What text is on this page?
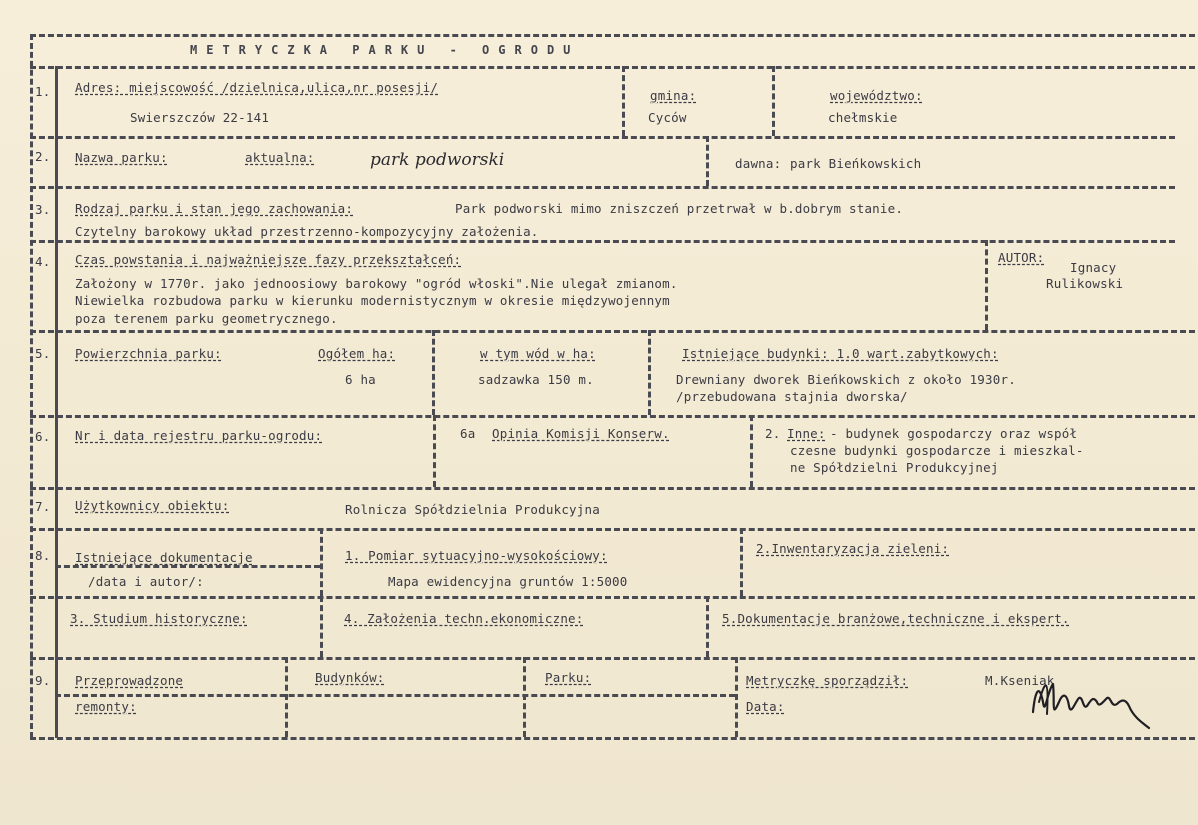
METRYCZKA PARKU - OGRODU
1. Adres: miejscowość /dzielnica,ulica,nr posesji/
Swierszczów 22-141
gmina:
Cyców
województwo:
chełmskie
2. Nazwa parku:	aktualna:	park podworski	dawna: park Bieńkowskich
3. Rodzaj parku i stan jego zachowania:	Park podworski mimo zniszczeń przetrwał w b.dobrym stanie.
Czytelny barokowy układ przestrzenno-kompozycyjny założenia.
4. Czas powstania i najważniejsze fazy przekształceń:
Założony w 1770r. jako jednoosiowy barokowy "ogród włoski".Nie ulegał zmianom.
Niewielka rozbudowa parku w kierunku modernistycznym w okresie międzywojennym
poza terenem parku geometrycznego.
AUTOR:
Ignacy
Rulikowski
5. Powierzchnia parku:	Ogółem ha:
6 ha
w tym wód w ha:
sadzawka 150 m.
Istniejące budynki: 1.0 wart.zabytkowych:
Drewniany dworek Bieńkowskich z około 1930r.
/przebudowana stajnia dworska/
6. Nr i data rejestru parku-ogrodu:	6a Opinia Komisji Konserw.	2. Inne: - budynek gospodarczy oraz współ
czesne budynki gospodarcze i mieszkal-
ne Spółdzielni Produkcyjnej
7. Użytkownicy obiektu:	Rolnicza Spółdzielnia Produkcyjna
8. Istniejące dokumentacje
/data i autor/:
1. Pomiar sytuacyjno-wysokościowy:
Mapa ewidencyjna gruntów 1:5000
2.Inwentaryzacja zieleni:
3. Studium historyczne:	4. Założenia techn.ekonomiczne:	5.Dokumentacje branżowe,techniczne i ekspert.
9. Przeprowadzone
remonty:
Budynków:	Parku:	Metryczkę sporządził:	M.Kseniak
Data:
